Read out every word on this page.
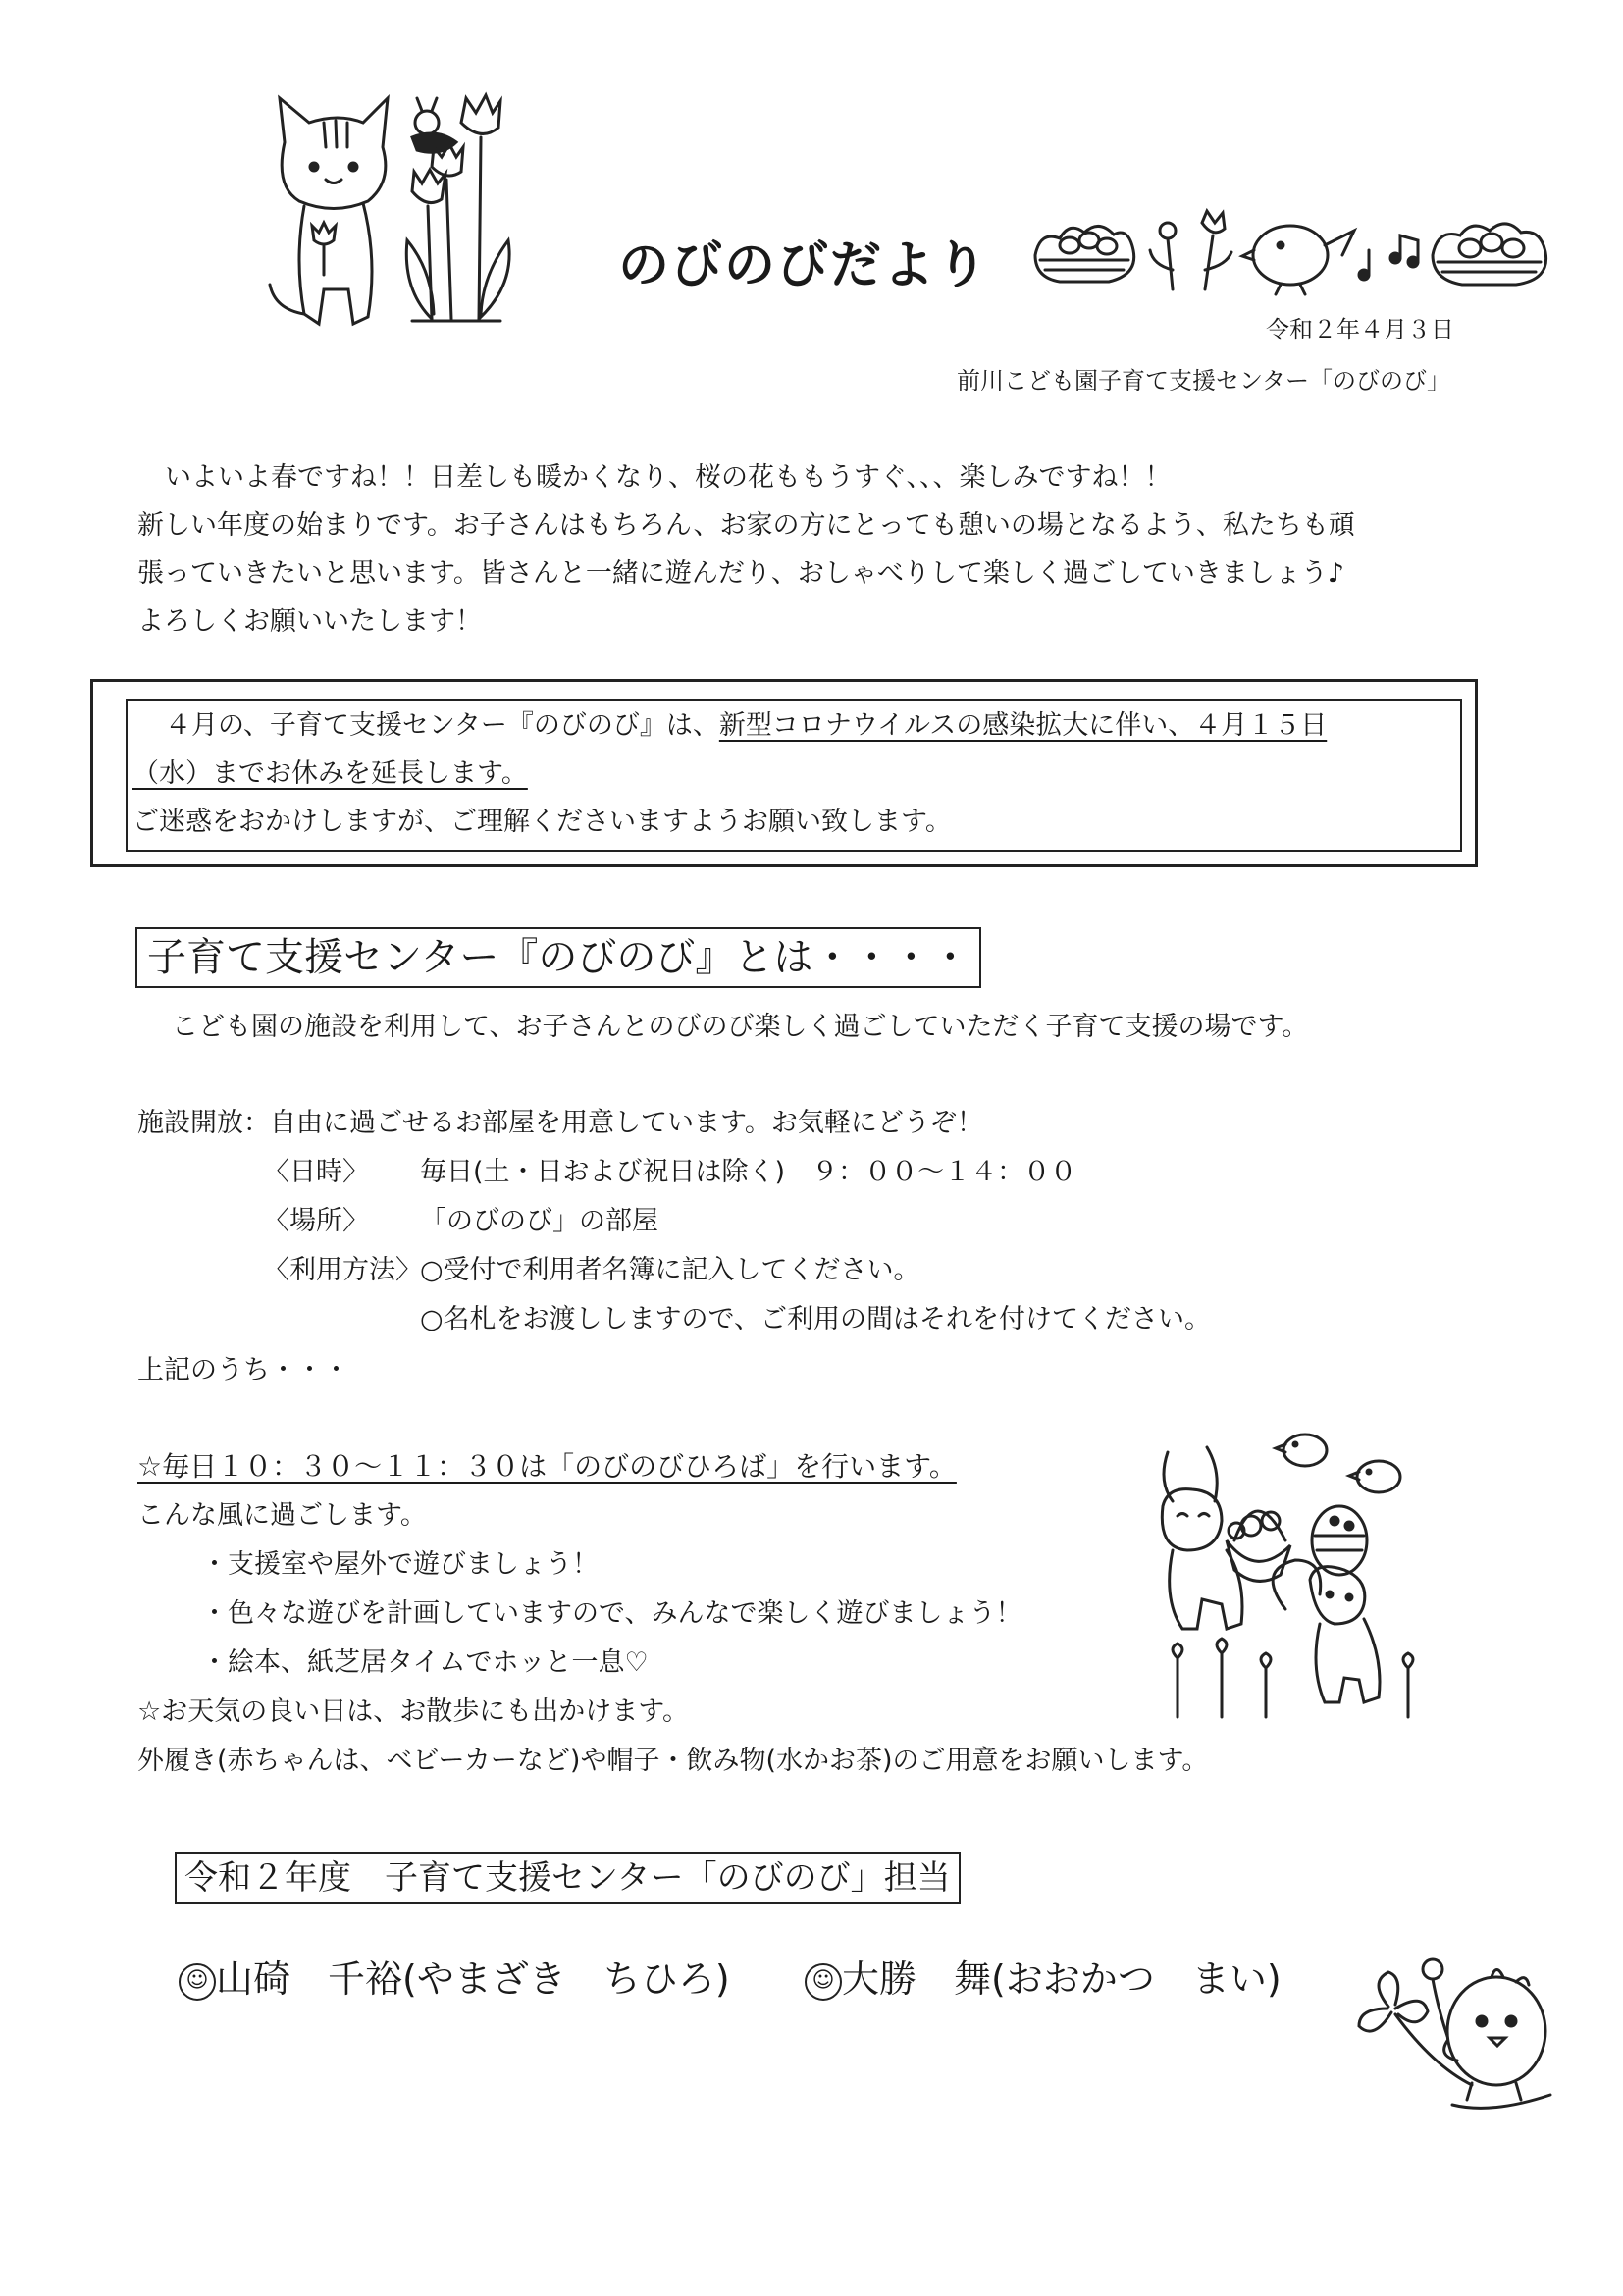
のびのびだより
令和２年４月３日
前川こども園子育て支援センター「のびのび」
いよいよ春ですね！！日差しも暖かくなり、桜の花ももうすぐ、、、楽しみですね！！
新しい年度の始まりです。お子さんはもちろん、お家の方にとっても憩いの場となるよう、私たちも頑
張っていきたいと思います。皆さんと一緒に遊んだり、おしゃべりして楽しく過ごしていきましょう♪
よろしくお願いいたします！
４月の、子育て支援センター『のびのび』は、新型コロナウイルスの感染拡大に伴い、４月１５日
（水）までお休みを延長します。
ご迷惑をおかけしますが、ご理解くださいますようお願い致します。
子育て支援センター『のびのび』とは・・・・
こども園の施設を利用して、お子さんとのびのび楽しく過ごしていただく子育て支援の場です。
施設開放：自由に過ごせるお部屋を用意しています。お気軽にどうぞ！
〈日時〉 毎日(土・日および祝日は除く)　９：００〜１４：００
〈場所〉 「のびのび」の部屋
〈利用方法〉
○受付で利用者名簿に記入してください。
○名札をお渡ししますので、ご利用の間はそれを付けてください。
上記のうち・・・
☆毎日１０：３０〜１１：３０は「のびのびひろば」を行います。
こんな風に過ごします。
・支援室や屋外で遊びましょう！
・色々な遊びを計画していますので、みんなで楽しく遊びましょう！
・絵本、紙芝居タイムでホッと一息♡
☆お天気の良い日は、お散歩にも出かけます。
外履き(赤ちゃんは、ベビーカーなど)や帽子・飲み物(水かお茶)のご用意をお願いします。
令和２年度　子育て支援センター「のびのび」担当
☺ 山碕　千裕(やまざき　ちひろ)	☺ 大勝　舞(おおかつ　まい)
